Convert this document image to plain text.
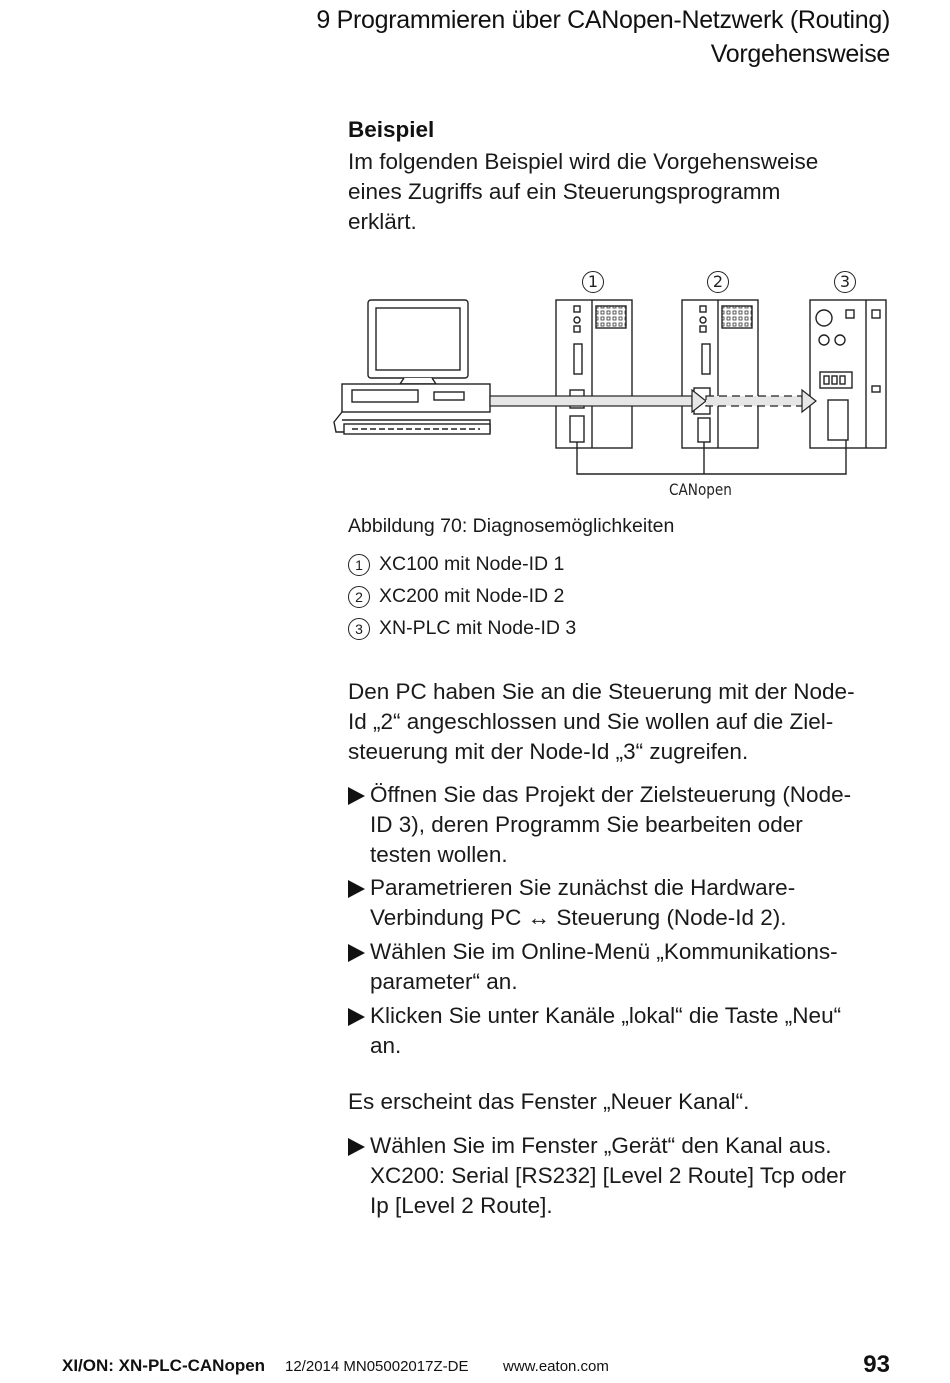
9 Programmieren über CANopen-Netzwerk (Routing)
Vorgehensweise
Beispiel
Im folgenden Beispiel wird die Vorgehensweise
eines Zugriffs auf ein Steuerungsprogramm
erklärt.
1	2	3
CANopen
Abbildung 70: Diagnosemöglichkeiten
1 XC100 mit Node-ID 1
2 XC200 mit Node-ID 2
3 XN-PLC mit Node-ID 3
Den PC haben Sie an die Steuerung mit der Node-
Id „2“ angeschlossen und Sie wollen auf die Ziel-
steuerung mit der Node-Id „3“ zugreifen.
Öffnen Sie das Projekt der Zielsteuerung (Node-
ID 3), deren Programm Sie bearbeiten oder
testen wollen.
Parametrieren Sie zunächst die Hardware-
Verbindung PC ↔ Steuerung (Node-Id 2).
Wählen Sie im Online-Menü „Kommunikations-
parameter“ an.
Klicken Sie unter Kanäle „lokal“ die Taste „Neu“
an.
Es erscheint das Fenster „Neuer Kanal“.
Wählen Sie im Fenster „Gerät“ den Kanal aus.
XC200: Serial [RS232] [Level 2 Route] Tcp oder
Ip [Level 2 Route].
XI/ON: XN-PLC-CANopen 12/2014 MN05002017Z-DE www.eaton.com	93
